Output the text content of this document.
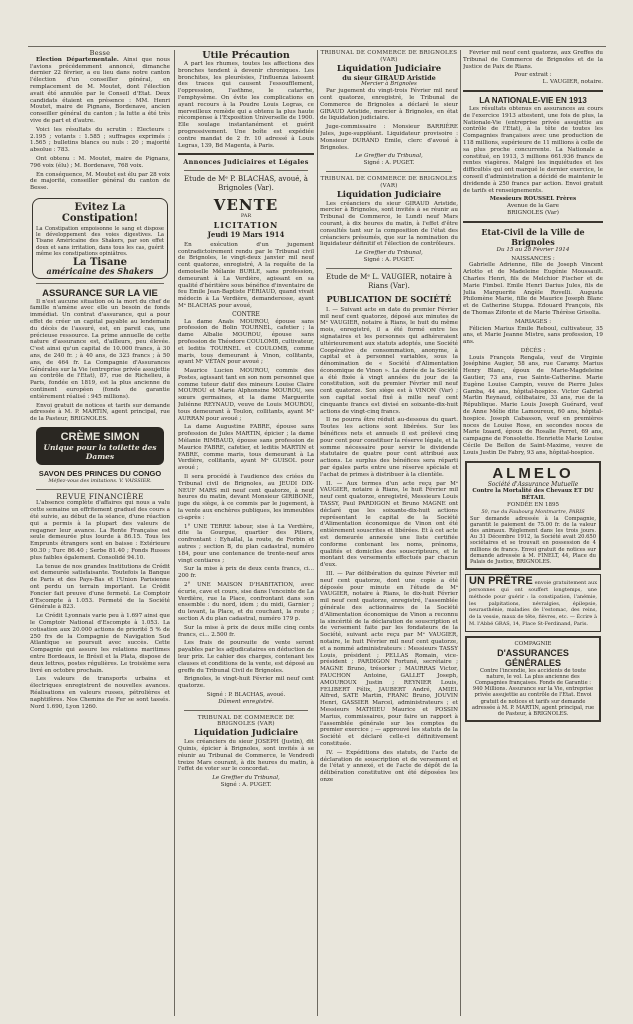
Besse

Election Départementale. Ainsi que nous l'avions précédemment annoncé, dimanche dernier 22 février, a eu lieu dans notre canton l'élection d'un conseiller général, en remplacement de M. Moutet, dont l'élection avait été annulée par le Conseil d'Etat. Deux candidats étaient en présence : MM. Henri Moutet, maire de Pignans, Bordenave, ancien conseiller général du canton ; la lutte a été très vive de part et d'autre.

Voici les résultats du scrutin : Electeurs : 2.195 ; votants : 1.585 ; suffrages exprimés : 1.565 ; bulletins blancs ou nuls : 20 ; majorité absolue : 783.

Ont obtenu : M. Moutet, maire de Pignans, 796 voix (élu) ; M. Bordenave, 768 voix.

En conséquence, M. Moutet est élu par 28 voix de majorité, conseiller général du canton de Besse.

Evitez La Constipation!
La Constipation empoisonne le sang et dispose le développement des voies digestives. La Tisane Américaine des Shakers, par son effet doux et sans irritation, dans tous les cas, guérit même les constipations opiniâtres.
La Tisane
américaine des Shakers
ASSURANCE SUR LA VIE

Il n'est aucune situation où la mort du chef de famille n'amène avec elle un besoin de fonds immédiat. Un contrat d'assurance, qui a pour effet de créer un capital payable au lendemain du décès de l'assuré, est, en pareil cas, une précieuse ressource. La prime annuelle de cette nature d'assurance est, d'ailleurs, peu élevée. C'est ainsi qu'un capital de 10.000 francs, à 30 ans, de 240 fr. ; à 40 ans, de 323 francs ; à 50 ans, de 464 fr. La Compagnie d'Assurances Générales sur la Vie (entreprise privée assujettie au contrôle de l'Etat), 87, rue de Richelieu, à Paris, fondée en 1819, est la plus ancienne du continent européen (fonds de garantie entièrement réalisé : 945 millions).

Envoi gratuit de notices et tarifs sur demande adressée à M. P. MARTIN, agent principal, rue de la Pasteur, BRIGNOLES.

CRÈME SIMON
Unique pour la toilette des Dames
SAVON DES PRINCES DU CONGO
Méfiez-vous des imitations. V. VAISSIER.
REVUE FINANCIÈRE

L'absence complète d'affaires qui nous a valu cette semaine un effritement graduel des cours a été suivie, au début de la séance, d'une réaction qui a permis à la plupart des valeurs de regagner leur avance. La Rente Française est seule demeurée plus lourde à 86.15. Tous les Emprunts étrangers sont en baisse : Extérieure 90.30 ; Turc 86.40 ; Serbe 81.40 ; Fonds Russes plus faibles également. Consolidé 94.10.

La tenue de nos grandes Institutions de Crédit est demeurée satisfaisante. Toutefois la Banque de Paris et des Pays-Bas et l'Union Parisienne ont perdu un terrain important. Le Crédit Foncier fait preuve d'une fermeté. Le Comptoir d'Escompte à 1.053. Fermeté de la Société Générale à 823.

Le Crédit Lyonnais varie peu à 1.697 ainsi que le Comptoir National d'Escompte à 1.053. La cotisation aux 20.000 actions de priorité 5 % de 250 frs de la Compagnie de Navigation Sud Atlantique se poursuit avec succès. Cette Compagnie qui assure les relations maritimes entre Bordeaux, le Brésil et la Plata, dispose de deux lettres, postes régulières. Le troisième sera livré en octobre prochain.

Les valeurs de transports urbains et électriques enregistrent de nouvelles avances. Réalisations en valeurs russes, pétrolières et naphtifères. Nos Chemins de Fer se sont tassés. Nord 1.690, Lyon 1260.

Utile Précaution

A part les rhumes, toutes les affections des bronches tendent à devenir chroniques. Les bronchites, les pleurésies, l'influenza laissent des traces qui causent l'essoufflement, l'oppression, l'asthme, le catarrhe, l'emphysème. On évite les complications en ayant recours à la Poudre Louis Legras, ce merveilleux remède qui a obtenu la plus haute récompense à l'Exposition Universelle de 1900. Elle soulage instantanément et guérit progressivement. Une boîte est expédiée contre mandat de 2 fr. 10 adressé à Louis Legras, 139, Bd Magenta, à Paris.

Annonces Judiciaires et Légales
Etude de Mᵉ P. BLACHAS, avoué, à Brignoles (Var).
VENTE
PAR
LICITATION
Jeudi 19 Mars 1914

En exécution d'un jugement contradictoirement rendu par le Tribunal civil de Brignoles, le vingt-deux janvier mil neuf cent quatorze, enregistré, A la requête de la demoiselle Mélanie BURLE, sans profession, demeurant à La Verdière, agissant en sa qualité d'héritière sous bénéfice d'inventaire de feu Emile Jean-Baptiste FÉRIAUD, quand vivait médecin à La Verdière, demanderesse, ayant Mᵉ BLACHAS pour avoué,

CONTRE

La dame Anaïs MOUROU, épouse sans profession de Bolin TOURNEL, cafetier ; la dame Albalie MOUROU, épouse sans profession de Théodore COULOMB, cultivateur, et leditis TOURNEL et COULOMB, comme maris, tous demeurant à Vinon, collitants, ayant Mᵉ VÉTAN pour avoué ;

Maurice Lucien MOUROU, commis des Postes, agissant tant en son nom personnel que comme tuteur datif des mineurs Louise Claire MOUROU et Marie Alphonsine MOUROU, ses sœurs germaines, et la dame Marguerite Juliénne REYNAUD, veuve de Louis MOUROU, tous demeurant à Toulon, collitants, ayant Mᵉ AURRAN pour avoué ;

La dame Augustine FABRE, épouse sans profession de Jules MARTIN, épicier ; la dame Mélanie RIMBAUD, épouse sans profession de Maurice FABRE, cafetier, et leditis MARTIN et FABRE, comme maris, tous demeurant à La Verdière, collitants, ayant Mᵉ GUISOL pour avoué ;

Il sera procédé à l'audience des criées du Tribunal civil de Brignoles, au JEUDI DIX-NEUF MARS mil neuf cent quatorze, à neuf heures du matin, devant Monsieur GIRIBONE, juge du siège, à ce commis par le jugement, à la vente aux enchères publiques, les immeubles ci-après :

1° UNE TERRE labour, sise à La Verdière, dite la Gourgue, quartier des Piliers, confrontant : Eyhallal, la route, de Forbin et autres ; section B, du plan cadastral, numéro 184, pour une contenance de trente-neuf ares vingt centiares ;

Sur la mise à prix de deux cents francs, ci... 200 fr.

2° UNE MAISON D'HABITATION, avec écurie, cave et cours, sise dans l'enceinte de La Verdière, rue la Place, confrontant dans son ensemble : du nord, idem ; du midi, Garnier ; du levant, la Place, et du couchant, la route ; section A du plan cadastral, numéro 179 p.

Sur la mise à prix de deux mille cinq cents francs, ci... 2.500 fr.

Les frais de poursuite de vente seront payables par les adjudicataires en déduction de leur prix. Le cahier des charges, contenant les clauses et conditions de la vente, est déposé au greffe du Tribunal Civil de Brignoles.

Brignoles, le vingt-huit Février mil neuf cent quatorze.

Signé : P. BLACHAS, avoué.
Dûment enregistré.
TRIBUNAL DE COMMERCE DE BRIGNOLES (VAR)
Liquidation Judiciaire

Les créanciers du sieur JOSEPH (Justin), dit Quinis, épicier à Brignoles, sont invités à se réunir au Tribunal de Commerce, le Vendredi treize Mars courant, à dix heures du matin, à l'effet de voter sur le concordat.

Le Greffier du Tribunal,
Signé : A. PUGET.
TRIBUNAL DE COMMERCE DE BRIGNOLES (VAR)
Liquidation Judiciaire
du sieur GIRAUD Aristide
Mercier à Brignoles

Par jugement du vingt-trois Février mil neuf cent quatorze, enregistré, le Tribunal de Commerce de Brignoles a déclaré le sieur GIRAUD Aristide, mercier à Brignoles, en état de liquidation judiciaire.

Juge-commissaire : Monsieur BARRIÈRE Jules, juge-suppléant. Liquidateur provisoire : Monsieur DURAND Emile, clerc d'avoué à Brignoles.

Le Greffier du Tribunal,
Signé : A. PUGET.
TRIBUNAL DE COMMERCE DE BRIGNOLES (VAR)
Liquidation Judiciaire

Les créanciers du sieur GIRAUD Aristide, mercier à Brignoles, sont invités à se réunir au Tribunal de Commerce, le Lundi neuf Mars courant, à dix heures du matin, à l'effet d'être consultés tant sur la composition de l'état des créanciers présumés, que sur la nomination du liquidateur définitif et l'élection de contrôleurs.

Le Greffier du Tribunal,
Signé : A. PUGET.
Etude de Mᵉ L. VAUGIER, notaire à Rians (Var).
PUBLICATION DE SOCIÉTÉ

I. — Suivant acte en date du premier Février mil neuf cent quatorze, déposé aux minutes de Mᵉ VAUGIER, notaire à Rians, le huit du même mois, enregistré, il a été formé entre les signataires et les personnes qui adhéreraient ultérieurement aux statuts adoptés, une Société Coopérative de consommation, anonyme, à capital et à personnel variables, sous la dénomination de « Société d'Alimentation économique de Vinon ». La durée de la Société a été fixée à vingt années du jour de la constitution, soit du premier Février mil neuf cent quatorze. Son siège est à VINON (Var) ; son capital social fixé à mille neuf cent cinquante francs est divisé en soixante-dix-huit actions de vingt-cinq francs.

Il ne pourra être réduit au-dessous du quart. Toutes les actions sont libérées. Sur les bénéfices nets et annuels il est prélevé cinq pour cent pour constituer la réserve légale, et la somme nécessaire pour servir le dividende statutaire de quatre pour cent attribué aux actions. Le surplus des bénéfices sera réparti par égales parts entre une réserve spéciale et l'achat de primes à distribuer à la clientèle.

II. — Aux termes d'un acte reçu par Mᵉ VAUGIER, notaire à Rians, le huit Février mil neuf cent quatorze, enregistré, Messieurs Louis TASSY, Paul PARDIGON et Bruno MAGNE ont déclaré que les soixante-dix-huit actions représentant le capital de la Société d'Alimentation économique de Vinon ont été entièrement souscrites et libérées. Et à cet acte est demeurée annexée une liste certifiée conforme contenant les noms, prénoms, qualités et domiciles des souscripteurs, et le montant des versements effectués par chacun d'eux.

III. — Par délibération du quinze Février mil neuf cent quatorze, dont une copie a été déposée pour minute en l'étude de Mᵉ VAUGIER, notaire à Rians, le dix-huit Février mil neuf cent quatorze, enregistré, l'assemblée générale des actionnaires de la Société d'Alimentation économique de Vinon a reconnu la sincérité de la déclaration de souscription et de versement faite par les fondateurs de la Société, suivant acte reçu par Mᵉ VAUGIER, notaire, le huit Février mil neuf cent quatorze, et a nommé administrateurs : Messieurs TASSY Louis, président ; PELLAS Romain, vice-président ; PARDIGON Fortuné, secrétaire ; MAGNE Bruno, trésorier ; MAURRAS Victor, FAUCHON Antoine, GALLET Joseph, AMOUROUX Justin ; REYNIER Louis, FELIBERT Félix, JAUBERT André, AMIEL Alfred, SATE Martin, FRANC Bruno, JOUVIN Henri, GASSIER Marcel, administrateurs ; et Messieurs MATHIEU Maurice et POSSIN Marius, commissaires, pour faire un rapport à l'assemblée générale sur les comptes du premier exercice ; — approuvé les statuts de la Société et déclaré celle-ci définitivement constituée.

IV. — Expéditions des statuts, de l'acte de déclaration de souscription et de versement et de l'état y annexé, et de l'acte de dépôt de la délibération constitutive ont été déposées les onze

Février mil neuf cent quatorze, aux Greffes du Tribunal de Commerce de Brignoles et de la Justice de Paix de Rians.

Pour extrait :
L. VAUGIER, notaire.
LA NATIONALE-VIE EN 1913

Les résultats obtenus en assurances au cours de l'exercice 1913 attestent, une fois de plus, la Nationale-Vie (entreprise privée assujettie au contrôle de l'Etat), à la tête de toutes les Compagnies françaises avec une production de 118 millions, supérieure de 11 millions à celle de sa plus proche concurrente. La Nationale a constitué, en 1913, 3 millions 661.936 francs de rentes viagères. Malgré les inquiétudes et les difficultés qui ont marqué le dernier exercice, le conseil d'administration a décidé de maintenir le dividende à 250 francs par action. Envoi gratuit de tarifs et renseignements.

Messieurs ROUSSEL Frères
Avenue de la Gare
BRIGNOLES (Var)
Etat-Civil de la Ville de Brignoles
Du 15 au 28 Février 1914
NAISSANCES :

Gabrielle Adrienne, fille de Joseph Vincent Arlotto et de Madeleine Eugénie Moussault. Charles Henri, fils de Melchior Fischer et de Marie Fimbel. Emile Henri Darius Jules, fils de Julia Marguerite Angèle Rovelli. Augusta Philomène Marie, fille de Maurice Joseph Blanc et de Catherine Stuppa. Edouard François, fils de Thomas Zifonte et de Marie Thérèse Grisolia.

MARIAGES :

Félicien Marius Emile Reboul, cultivateur, 35 ans, et Marie Jeanne Mistre, sans profession, 19 ans.

DÉCÈS :

Louis François Rengala, veuf de Virginie Joséphine Augier, 58 ans, rue Caramy. Marius Henry Blanc, époux de Marie-Magdeleine Gautier, 73 ans, rue Sainte-Catherine. Marie Eugène Louise Campin, veuve de Pierre Jules Gamba, 44 ans, hôpital-hospice. Victor Gabriel Martin Reynaud, célibataire, 33 ans, rue de la République. Marie Louis Joseph Guérard, veuf de Anne Mélie dite Lamoureux, 60 ans, hôpital-hospice. Joseph Cabasson, veuf en premières noces de Louise Rose, en secondes noces de Marie Izaard, époux de Rosalie Perret, 69 ans, campagne de Fonsolette. Henriette Marie Louise Cécile De Bellon de Saint-Maxime, veuve de Louis Justin De Fabry, 93 ans, hôpital-hospice.

ALMELO
Société d'Assurance Mutuelle
Contre la Mortalité des Chevaux ET DU BÉTAIL
FONDÉE EN 1895
50, rue du Faubourg Montmartre, PARIS
Sur demande adressée à la Compagnie, garantit le paiement de 75.00 fr. de la valeur des animaux. Règlement dans les trois jours. Au 31 Décembre 1912, la Société avait 20.650 sociétaires et se trouvait en possession de 4 millions de francs. Envoi gratuit de notices sur demande adressée à M. FINELT, 44, Place du Palais de Justice, BRIGNOLES.
UN PRÊTRE envoie gratuitement aux personnes qui ont souffert longtemps, une méthode pour guérir : la constipation, l'anémie, les palpitations, névralgies, épilepsie, neurasthénie, maladies de l'estomac, des reins, de la vessie, maux de tête, fièvres, etc. — Écrire à M. l'Abbé GRAS, 14, Place St-Ferdinand, Paris.
COMPAGNIE
D'ASSURANCES GÉNÉRALES
Contre l'incendie, les accidents de toute nature, le vol. La plus ancienne des Compagnies françaises. Fonds de Garantie : 940 Millions. Assurance sur la Vie, entreprise privée assujettie au contrôle de l'Etat. Envoi gratuit de notices et tarifs sur demande adressée à M. P. MARTIN, agent principal, rue de Pasteur, à BRIGNOLES.
